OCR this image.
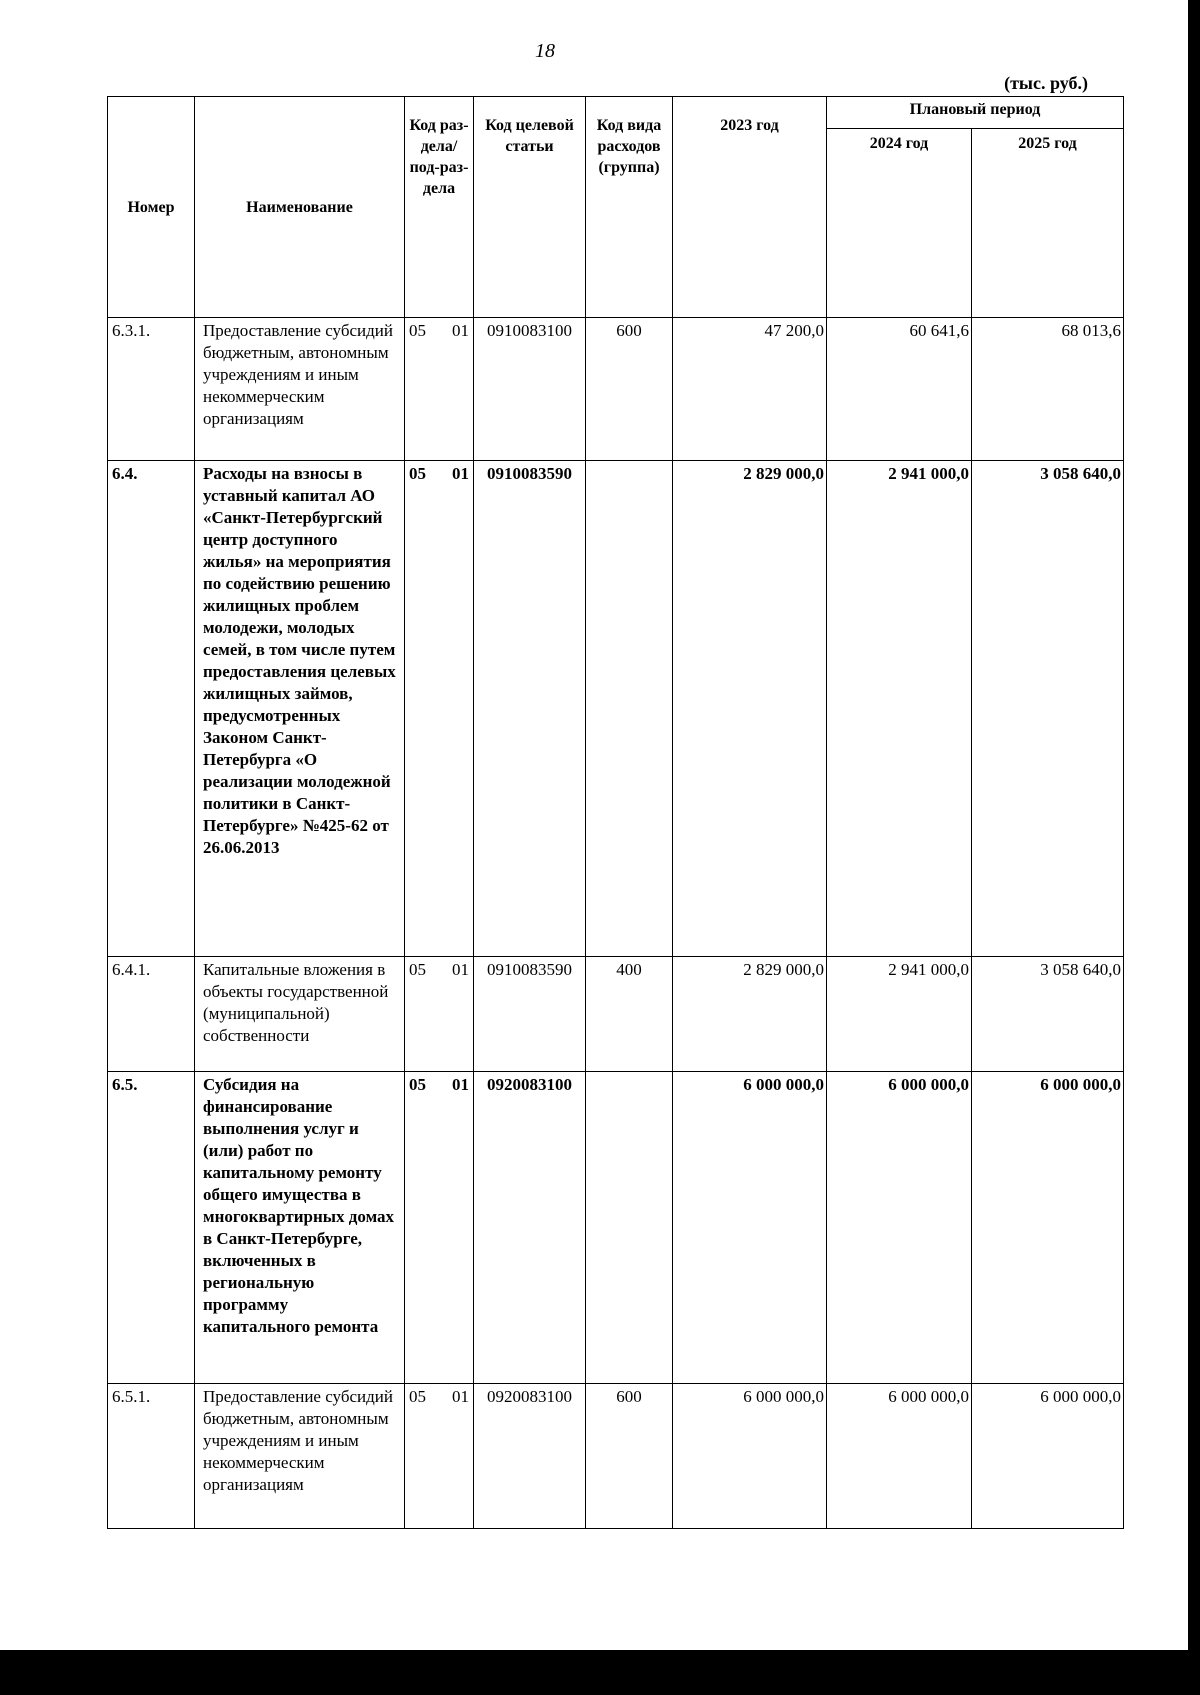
18
(тыс. руб.)
Номер	Наименование	Код раз-дела/ под-раз-дела	Код целевой статьи	Код вида расходов (группа)	2023 год	Плановый период	
						2024 год	2025 год
6.3.1.	Предоставление субсидий бюджетным, автономным учреждениям и иным некоммерческим организациям	05 01	0910083100	600	47 200,0	60 641,6	68 013,6
6.4.	Расходы на взносы в уставный капитал АО «Санкт-Петербургский центр доступного жилья» на мероприятия по содействию решению жилищных проблем молодежи, молодых семей, в том числе путем предоставления целевых жилищных займов, предусмотренных Законом Санкт-Петербурга «О реализации молодежной политики в Санкт-Петербурге» №425-62 от 26.06.2013	05 01	0910083590		2 829 000,0	2 941 000,0	3 058 640,0
6.4.1.	Капитальные вложения в объекты государственной (муниципальной) собственности	05 01	0910083590	400	2 829 000,0	2 941 000,0	3 058 640,0
6.5.	Субсидия на финансирование выполнения услуг и (или) работ по капитальному ремонту общего имущества в многоквартирных домах в Санкт-Петербурге, включенных в региональную программу капитального ремонта	05 01	0920083100		6 000 000,0	6 000 000,0	6 000 000,0
6.5.1.	Предоставление субсидий бюджетным, автономным учреждениям и иным некоммерческим организациям	05 01	0920083100	600	6 000 000,0	6 000 000,0	6 000 000,0
